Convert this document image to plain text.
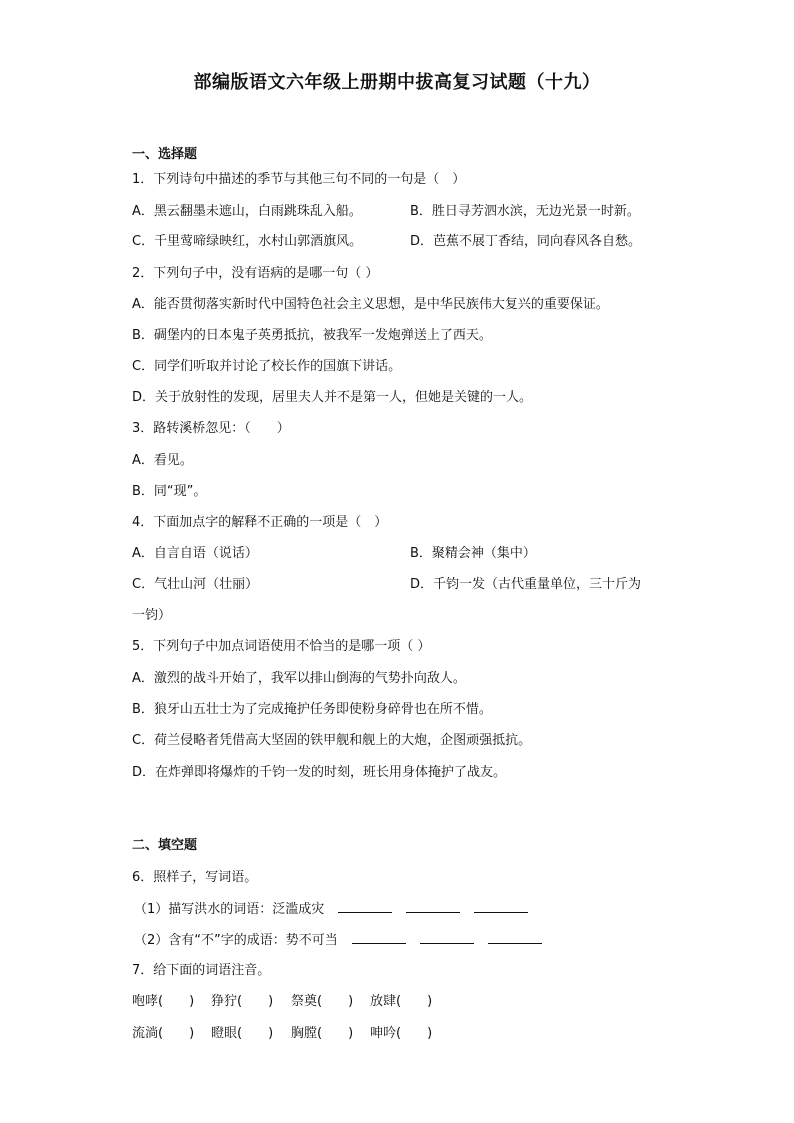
部编版语文六年级上册期中拔高复习试题（十九）
一、选择题
1．下列诗句中描述的季节与其他三句不同的一句是（　）
A．黑云翻墨未遮山，白雨跳珠乱入船。	B．胜日寻芳泗水滨，无边光景一时新。
C．千里莺啼绿映红，水村山郭酒旗风。	D．芭蕉不展丁香结，同向春风各自愁。
2．下列句子中，没有语病的是哪一句（ ）
A．能否贯彻落实新时代中国特色社会主义思想，是中华民族伟大复兴的重要保证。
B．碉堡内的日本鬼子英勇抵抗，被我军一发炮弹送上了西天。
C．同学们听取并讨论了校长作的国旗下讲话。
D．关于放射性的发现，居里夫人并不是第一人，但她是关键的一人。
3．路转溪桥忽见：（　　）
A．看见。
B．同“现”。
4．下面加点字的解释不正确的一项是（　）
A．自言自语（说话）	B．聚精会神（集中）
C．气壮山河（壮丽）	D．千钧一发（古代重量单位，三十斤为
一钧）
5．下列句子中加点词语使用不恰当的是哪一项（ ）
A．激烈的战斗开始了，我军以排山倒海的气势扑向敌人。
B．狼牙山五壮士为了完成掩护任务即使粉身碎骨也在所不惜。
C．荷兰侵略者凭借高大坚固的铁甲舰和舰上的大炮，企图顽强抵抗。
D．在炸弹即将爆炸的千钧一发的时刻，班长用身体掩护了战友。
二、填空题
6．照样子，写词语。
（1）描写洪水的词语：泛滥成灾
（2）含有“不”字的成语：势不可当
7．给下面的词语注音。
咆哮(　　) 狰狞(　　) 祭奠(　　) 放肆(　　)
流淌(　　) 瞪眼(　　) 胸膛(　　) 呻吟(　　)
